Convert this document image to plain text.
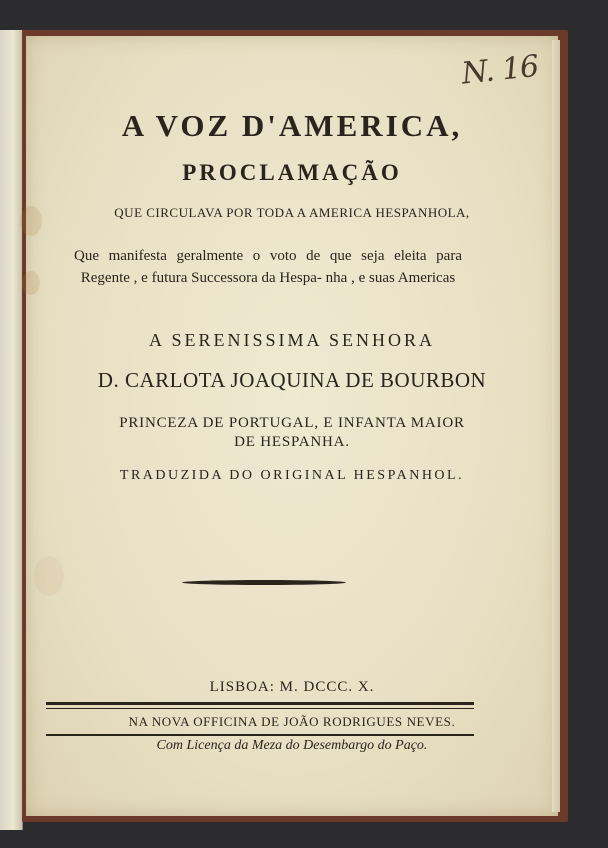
N. 16
A VOZ D'AMERICA,
PROCLAMAÇÃO
QUE CIRCULAVA POR TODA A AMERICA HESPANHOLA,
Que manifesta geralmente o voto de que seja eleita para Regente , e futura Successora da Hespa- nha , e suas Americas
A SERENISSIMA SENHORA
D. CARLOTA JOAQUINA DE BOURBON
PRINCEZA DE PORTUGAL, E INFANTA MAIOR
DE HESPANHA.
TRADUZIDA DO ORIGINAL HESPANHOL.
LISBOA: M. DCCC. X.
NA NOVA OFFICINA DE JOÃO RODRIGUES NEVES.
Com Licença da Meza do Desembargo do Paço.
